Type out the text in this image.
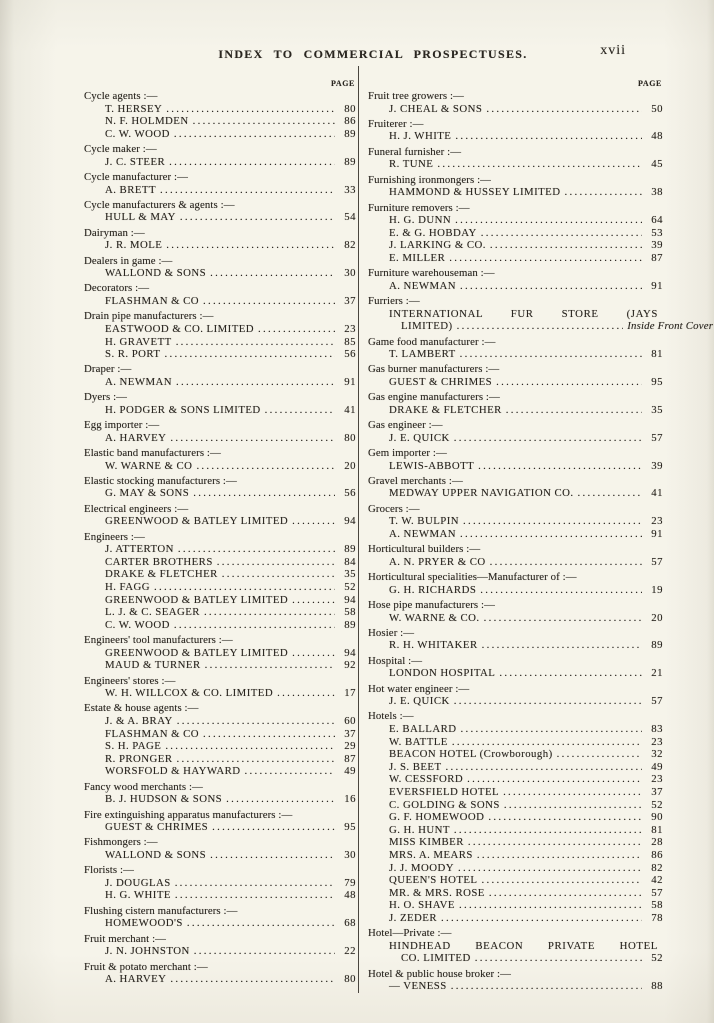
INDEX TO COMMERCIAL PROSPECTUSES.	xvii
PAGE
Cycle agents :—
T. HERSEY .....	80
N. F. HOLMDEN .....	86
C. W. WOOD .....	89
Cycle maker :—
J. C. STEER .....	89
Cycle manufacturer :—
A. BRETT .....	33
Cycle manufacturers & agents :—
HULL & MAY .....	54
Dairyman :—
J. R. MOLE .....	82
Dealers in game :—
WALLOND & SONS .....	30
Decorators :—
FLASHMAN & CO .....	37
Drain pipe manufacturers :—
EASTWOOD & CO. LIMITED .....	23
H. GRAVETT .....	85
S. R. PORT .....	56
Draper :—
A. NEWMAN .....	91
Dyers :—
H. PODGER & SONS LIMITED .....	41
Egg importer :—
A. HARVEY .....	80
Elastic band manufacturers :—
W. WARNE & CO .....	20
Elastic stocking manufacturers :—
G. MAY & SONS .....	56
Electrical engineers :—
GREENWOOD & BATLEY LIMITED .....	94
Engineers :—
J. ATTERTON .....	89
CARTER BROTHERS .....	84
DRAKE & FLETCHER .....	35
H. FAGG .....	52
GREENWOOD & BATLEY LIMITED .....	94
L. J. & C. SEAGER .....	58
C. W. WOOD .....	89
Engineers' tool manufacturers :—
GREENWOOD & BATLEY LIMITED .....	94
MAUD & TURNER .....	92
Engineers' stores :—
W. H. WILLCOX & CO. LIMITED .....	17
Estate & house agents :—
J. & A. BRAY .....	60
FLASHMAN & CO .....	37
S. H. PAGE .....	29
R. PRONGER .....	87
WORSFOLD & HAYWARD .....	49
Fancy wood merchants :—
B. J. HUDSON & SONS .....	16
Fire extinguishing apparatus manufacturers :—
GUEST & CHRIMES .....	95
Fishmongers :—
WALLOND & SONS .....	30
Florists :—
J. DOUGLAS .....	79
H. G. WHITE .....	48
Flushing cistern manufacturers :—
HOMEWOOD'S .....	68
Fruit merchant :—
J. N. JOHNSTON .....	22
Fruit & potato merchant :—
A. HARVEY .....	80
PAGE
Fruit tree growers :—
J. CHEAL & SONS .....	50
Fruiterer :—
H. J. WHITE .....	48
Funeral furnisher :—
R. TUNE .....	45
Furnishing ironmongers :—
HAMMOND & HUSSEY LIMITED .....	38
Furniture removers :—
H. G. DUNN .....	64
E. & G. HOBDAY .....	53
J. LARKING & CO. .....	39
E. MILLER .....	87
Furniture warehouseman :—
A. NEWMAN .....	91
Furriers :—
INTERNATIONAL FUR STORE (JAYS
LIMITED) .....	Inside Front Cover
Game food manufacturer :—
T. LAMBERT .....	81
Gas burner manufacturers :—
GUEST & CHRIMES .....	95
Gas engine manufacturers :—
DRAKE & FLETCHER .....	35
Gas engineer :—
J. E. QUICK .....	57
Gem importer :—
LEWIS-ABBOTT .....	39
Gravel merchants :—
MEDWAY UPPER NAVIGATION CO. .....	41
Grocers :—
T. W. BULPIN .....	23
A. NEWMAN .....	91
Horticultural builders :—
A. N. PRYER & CO .....	57
Horticultural specialities—Manufacturer of :—
G. H. RICHARDS .....	19
Hose pipe manufacturers :—
W. WARNE & CO. .....	20
Hosier :—
R. H. WHITAKER .....	89
Hospital :—
LONDON HOSPITAL .....	21
Hot water engineer :—
J. E. QUICK .....	57
Hotels :—
E. BALLARD .....	83
W. BATTLE .....	23
BEACON HOTEL (Crowborough) .....	32
J. S. BEET .....	49
W. CESSFORD .....	23
EVERSFIELD HOTEL .....	37
C. GOLDING & SONS .....	52
G. F. HOMEWOOD .....	90
G. H. HUNT .....	81
MISS KIMBER .....	28
MRS. A. MEARS .....	86
J. J. MOODY .....	82
QUEEN'S HOTEL .....	42
MR. & MRS. ROSE .....	57
H. O. SHAVE .....	58
J. ZEDER .....	78
Hotel—Private :—
HINDHEAD BEACON PRIVATE HOTEL
CO. LIMITED .....	52
Hotel & public house broker :—
— VENESS .....	88
